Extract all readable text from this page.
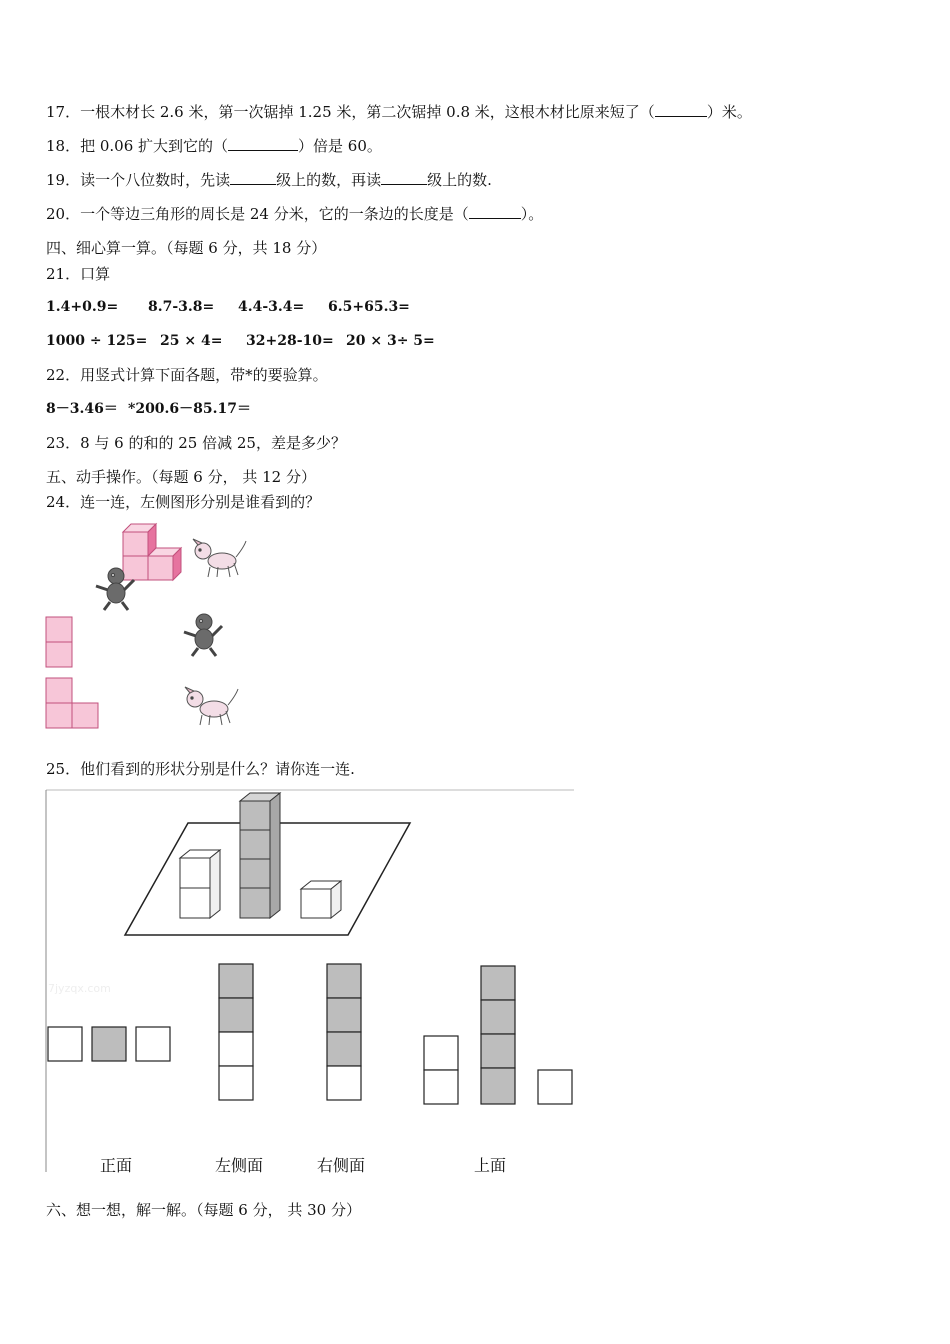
17．一根木材长 2.6 米，第一次锯掉 1.25 米，第二次锯掉 0.8 米，这根木材比原来短了（	）米。
18．把 0.06 扩大到它的（	）倍是 60。
19．读一个八位数时，先读	级上的数，再读	级上的数.
20．一个等边三角形的周长是 24 分米，它的一条边的长度是（	）。
四、细心算一算。（每题 6 分，共 18 分）
21．口算
1.4+0.9= 8.7-3.8= 4.4-3.4= 6.5+65.3=
1000 ÷ 125= 25 × 4= 32+28-10= 20 × 3÷ 5=
22．用竖式计算下面各题，带*的要验算。
8－3.46＝ *200.6－85.17＝
23．8 与 6 的和的 25 倍减 25，差是多少？
五、动手操作。（每题 6 分， 共 12 分）
24．连一连，左侧图形分别是谁看到的？
25．他们看到的形状分别是什么？请你连一连.
7jyzqx.com
正面	左侧面	右侧面	上面
六、想一想，解一解。（每题 6 分， 共 30 分）
